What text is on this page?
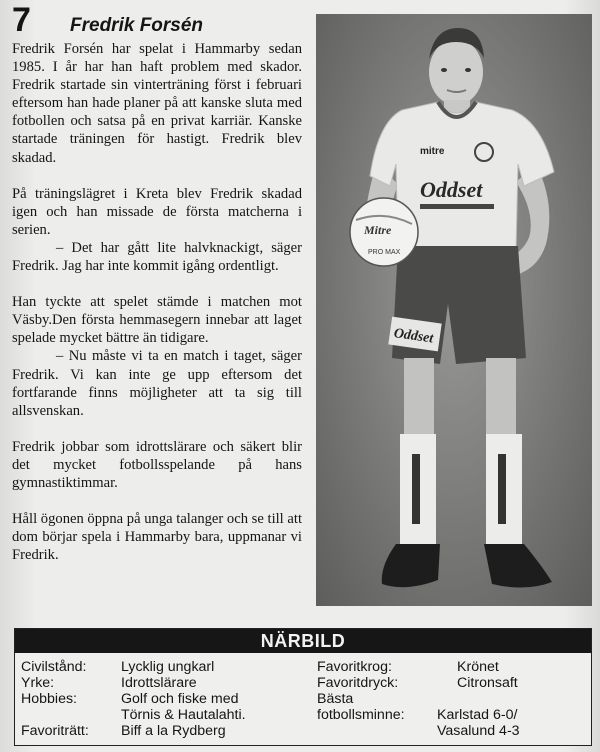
7	Fredrik Forsén

Fredrik Forsén har spelat i Hammarby sedan 1985. I år har han haft problem med skador. Fredrik startade sin vinterträning först i februari eftersom han hade planer på att kanske sluta med fotbollen och satsa på en privat karriär. Kanske startade träningen för hastigt. Fredrik blev skadad.

På träningslägret i Kreta blev Fredrik skadad igen och han missade de första matcherna i serien.

– Det har gått lite halvknackigt, säger Fredrik. Jag har inte kommit igång ordentligt.

Han tyckte att spelet stämde i matchen mot Väsby.Den första hemmasegern innebar att laget spelade mycket bättre än tidigare.

– Nu måste vi ta en match i taget, säger Fredrik. Vi kan inte ge upp eftersom det fortfarande finns möjligheter att ta sig till allsvenskan.

Fredrik jobbar som idrottslärare och säkert blir det mycket fotbollsspelande på hans gymnastiktimmar.

Håll ögonen öppna på unga talanger och se till att dom börjar spela i Hammarby bara, uppmanar vi Fredrik.

mitre
Oddset
Oddset
Mitre
PRO MAX
NÄRBILD
Civilstånd:	Lycklig ungkarl
Yrke:	Idrottslärare
Hobbies:	Golf och fiske med Törnis & Hautalahti.
Favoriträtt:	Biff a la Rydberg
Favoritkrog:	Krönet
Favoritdryck:	Citronsaft
Bästa fotbollsminne:	Karlstad 6-0/ Vasalund 4-3
